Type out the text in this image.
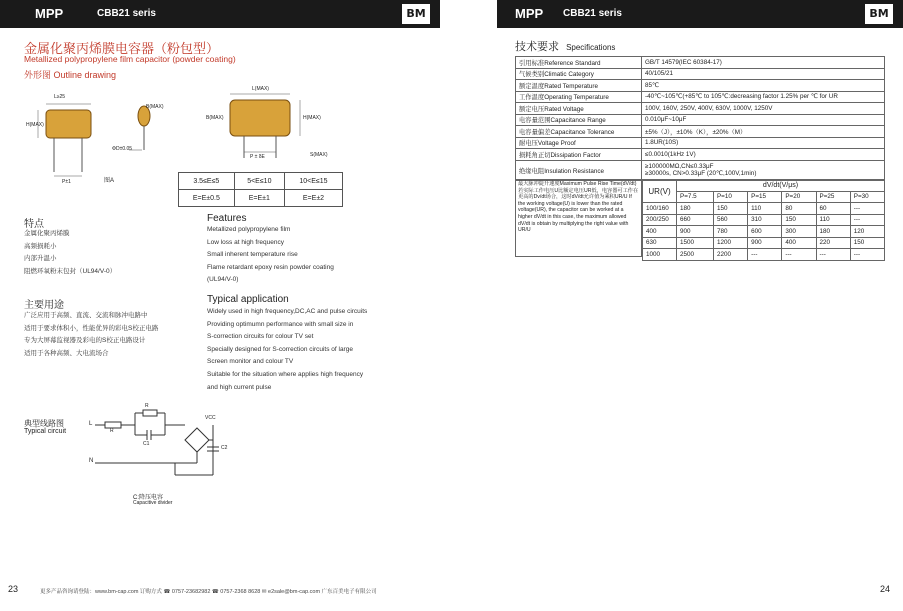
MPP	CBB21 seris	BM	MPP CBB21 seris	BM
金属化聚丙烯膜电容器（粉包型）
Metallized polypropylene film capacitor (powder coating)
外形图 Outline drawing
L≥25
B(MAX)
H(MAX)
ΦD±0.05
P±1	图A
L(MAX)
H(MAX)
P ± δE	S(MAX)
B(MAX)
3.5≤E≤5	5<E≤10	10<E≤15
E=E±0.5	E=E±1	E=E±2
特点
金属化聚丙烯膜
高频损耗小
内部升温小
阻燃环氧粉末包封（UL94/V-0）
Features
Metallized polypropylene film
Low loss at high frequency
Small inherent temperature rise
Flame retardant epoxy resin powder coating
(UL94/V-0)
主要用途
广泛应用于高频、直流、交流和脉冲电路中
适用于要求体积小，性能优异的彩电S校正电路
专为大屏幕监视器及彩电的S校正电路设计
适用于各种高频、大电流场合
Typical application
Widely used in high frequency,DC,AC and pulse circuits
Providing optimumn performance with small size in
S-correction circuits for colour TV set
Specially designed for S-correction circuits of large
Screen monitor and colour TV
Suitable for the situation where applies high frequency
and high current pulse
典型线路图
Typical circuit
L
N
R
R
C1
C2
VCC
C:降压电容
Capacitive divider
23	更多产品咨询请登陆：www.bm-cap.com 订购方式 ☎ 0757-23682982 ☎ 0757-2368 8628 ✉ e2sale@bm-cap.com 广东百美电子有限公司
技术要求 Specifications
引用标准Reference Standard	GB/T 14579(IEC 60384-17)
气候类别Climatic Category	40/105/21
额定温度Rated Temperature	85℃
工作温度Operating Temperature	-40℃~105℃(+85℃ to 105℃:decreasing factor 1.25% per ℃ for UR
额定电压Rated Voltage	100V, 160V, 250V, 400V, 630V, 1000V, 1250V
电容量范围Capacitance Range	0.010μF~10μF
电容量偏差Capacitance Tolerance	±5%（J），±10%（K），±20%（M）
耐电压Voltage Proof	1.8UR(10S)
损耗角正切Dissipation Factor	≤0.0010(1kHz 1V)
绝缘电阻Insulation Resistance	≥100000MΩ,CN≤0.33μF
≥30000s, CN>0.33μF (20℃,100V,1min)
最大脉冲陡升速度Maximum Pulse Rise Time(dV/dt)若实际工作电压U比额定电压UR低，电容器可工作在更高的Dv/dt场合，这时dV/dt允许值为乘积UR/U If the working voltage(U) is lower than the rated voltage(UR), the capacitor can be worked at a higher dV/dt in this case, the maximum allowed dV/dt is obtain by multiplying the right value with UR/U
UR(V)	dV/dt(V/μs)					
	P=7.5	P=10	P=15	P=20	P=25	P=30
100/160	180	150	110	80	60	---
200/250	660	560	310	150	110	---
400	900	780	600	300	180	120
630	1500	1200	900	400	220	150
1000	2500	2200	---	---	---	---
24
